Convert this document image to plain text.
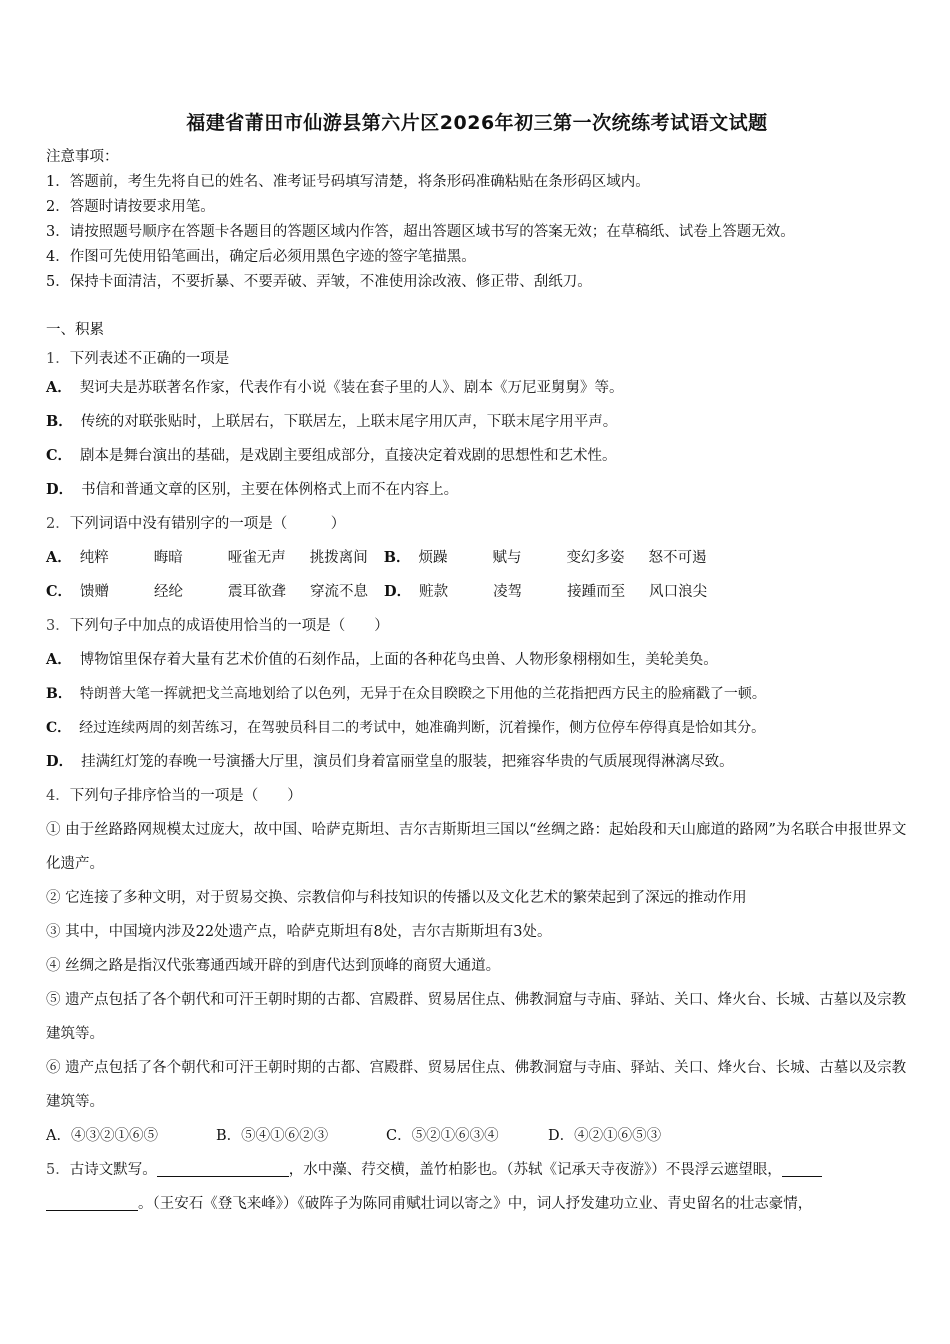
福建省莆田市仙游县第六片区2026年初三第一次统练考试语文试题
注意事项：
1．答题前，考生先将自已的姓名、准考证号码填写清楚，将条形码准确粘贴在条形码区域内。
2．答题时请按要求用笔。
3．请按照题号顺序在答题卡各题目的答题区域内作答，超出答题区域书写的答案无效；在草稿纸、试卷上答题无效。
4．作图可先使用铅笔画出，确定后必须用黑色字迹的签字笔描黑。
5．保持卡面清洁，不要折暴、不要弄破、弄皱，不准使用涂改液、修正带、刮纸刀。
一、积累
1．下列表述不正确的一项是
A． 契诃夫是苏联著名作家，代表作有小说《装在套子里的人》、剧本《万尼亚舅舅》等。
B． 传统的对联张贴时，上联居右，下联居左，上联末尾字用仄声，下联末尾字用平声。
C． 剧本是舞台演出的基础，是戏剧主要组成部分，直接决定着戏剧的思想性和艺术性。
D． 书信和普通文章的区别，主要在体例格式上而不在内容上。
2．下列词语中没有错别字的一项是（　　　）
A． 纯粹	晦暗	哑雀无声 挑拨离间 B． 烦躁	赋与	变幻多姿 怒不可遏
C． 馈赠	经纶	震耳欲聋 穿流不息 D． 赃款	凌驾	接踵而至 风口浪尖
3．下列句子中加点的成语使用恰当的一项是（　　）
A． 博物馆里保存着大量有艺术价值的石刻作品，上面的各种花鸟虫兽、人物形象栩栩如生，美轮美奂。
B． 特朗普大笔一挥就把戈兰高地划给了以色列，无异于在众目睽睽之下用他的兰花指把西方民主的脸痛戳了一顿。
C． 经过连续两周的刻苦练习，在驾驶员科目二的考试中，她准确判断，沉着操作，侧方位停车停得真是恰如其分。
D． 挂满红灯笼的春晚一号演播大厅里，演员们身着富丽堂皇的服装，把雍容华贵的气质展现得淋漓尽致。
4．下列句子排序恰当的一项是（　　）
① 由于丝路路网规模太过庞大，故中国、哈萨克斯坦、吉尔吉斯斯坦三国以“丝绸之路：起始段和天山廊道的路网”为名联合申报世界文化遗产。
② 它连接了多种文明，对于贸易交换、宗教信仰与科技知识的传播以及文化艺术的繁荣起到了深远的推动作用
③ 其中，中国境内涉及22处遗产点，哈萨克斯坦有8处，吉尔吉斯斯坦有3处。
④ 丝绸之路是指汉代张骞通西域开辟的到唐代达到顶峰的商贸大通道。
⑤ 遗产点包括了各个朝代和可汗王朝时期的古都、宫殿群、贸易居住点、佛教洞窟与寺庙、驿站、关口、烽火台、长城、古墓以及宗教建筑等。
⑥ 遗产点包括了各个朝代和可汗王朝时期的古都、宫殿群、贸易居住点、佛教洞窟与寺庙、驿站、关口、烽火台、长城、古墓以及宗教建筑等。
A．④③②①⑥⑤	B．⑤④①⑥②③	C．⑤②①⑥③④	D．④②①⑥⑤③
5．古诗文默写。	，水中藻、荇交横，盖竹柏影也。（苏轼《记承天寺夜游》）不畏浮云遮望眼，
。（王安石《登飞来峰》）《破阵子为陈同甫赋壮词以寄之》中，词人抒发建功立业、青史留名的壮志豪情，
